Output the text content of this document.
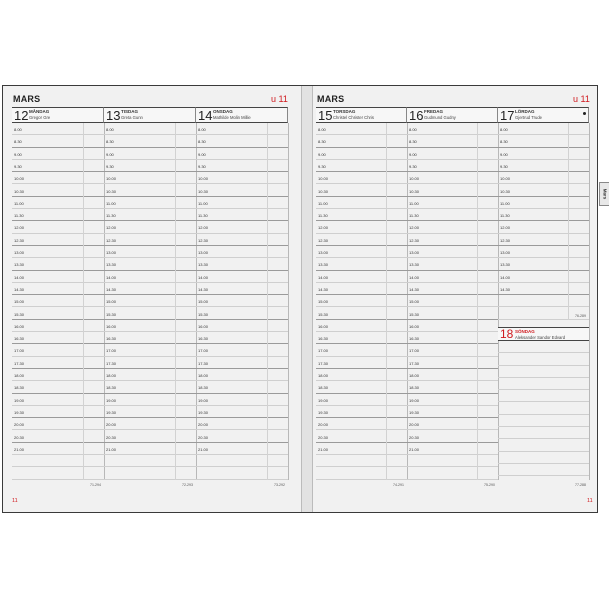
MARS	u 11
11
12 MÅNDAG
Gregor Gre
8.00
8.30
9.00
9.30
10.00
10.30
11.00
11.30
12.00
12.30
13.00
13.30
14.00
14.30
15.00
15.30
16.00
16.30
17.00
17.30
18.00
18.30
19.00
19.30
20.00
20.30
21.00
71-294
13 TISDAG
Greta Gunn
8.00
8.30
9.00
9.30
10.00
10.30
11.00
11.30
12.00
12.30
13.00
13.30
14.00
14.30
15.00
15.30
16.00
16.30
17.00
17.30
18.00
18.30
19.00
19.30
20.00
20.30
21.00
72-293
14 ONSDAG
Mathilde Molin Millie
8.00
8.30
9.00
9.30
10.00
10.30
11.00
11.30
12.00
12.30
13.00
13.30
14.00
14.30
15.00
15.30
16.00
16.30
17.00
17.30
18.00
18.30
19.00
19.30
20.00
20.30
21.00
73-292
MARS	u 11
11
Mars
15 TORSDAG
Christel Christer Chris
8.00
8.30
9.00
9.30
10.00
10.30
11.00
11.30
12.00
12.30
13.00
13.30
14.00
14.30
15.00
15.30
16.00
16.30
17.00
17.30
18.00
18.30
19.00
19.30
20.00
20.30
21.00
74-291
16 FREDAG
Gudmund Gudny
8.00
8.30
9.00
9.30
10.00
10.30
11.00
11.30
12.00
12.30
13.00
13.30
14.00
14.30
15.00
15.30
16.00
16.30
17.00
17.30
18.00
18.30
19.00
19.30
20.00
20.30
21.00
75-290
17 LÖRDAG
Gjertrud Trude
8.00
8.30
9.00
9.30
10.00
10.30
11.00
11.30
12.00
12.30
13.00
13.30
14.00
14.30
76-289
18 SÖNDAG
Aleksander Sandor Edvard
77-288
